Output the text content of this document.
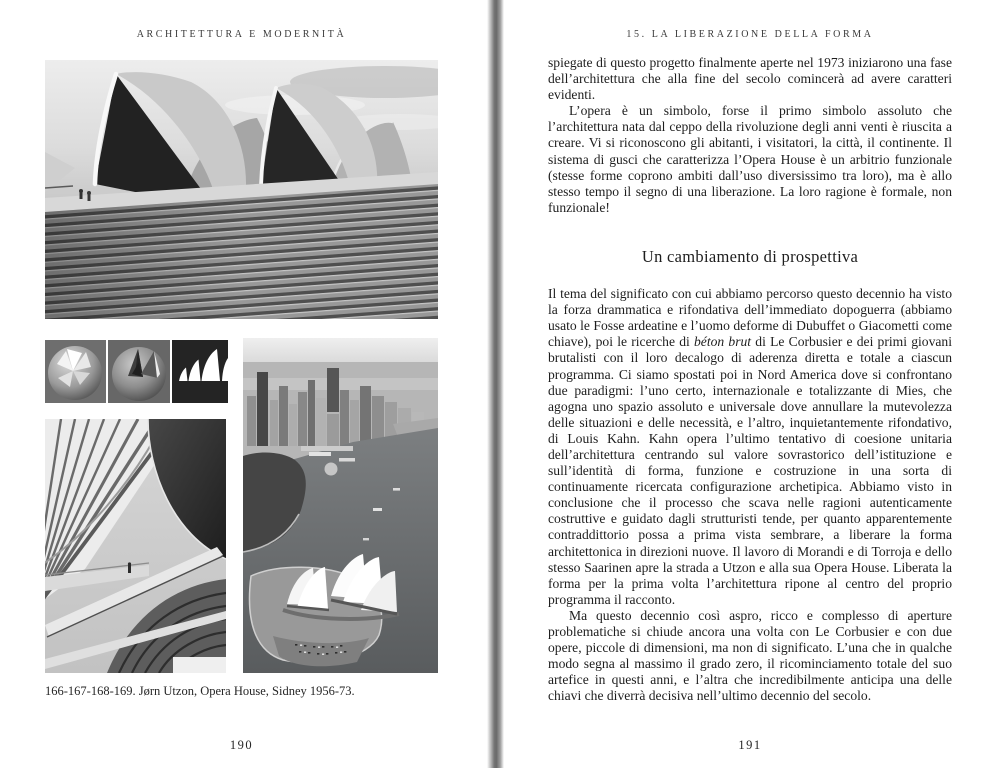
ARCHITETTURA E MODERNITÀ
166-167-168-169. Jørn Utzon, Opera House, Sidney 1956-73.
190
15. LA LIBERAZIONE DELLA FORMA

spiegate di questo progetto finalmente aperte nel 1973 iniziarono una fase dell’architettura che alla fine del secolo comincerà ad avere caratteri evidenti.

L’opera è un simbolo, forse il primo simbolo assoluto che l’architettura nata dal ceppo della rivoluzione degli anni venti è riuscita a creare. Vi si riconoscono gli abitanti, i visitatori, la città, il continente. Il sistema di gusci che caratterizza l’Opera House è un arbitrio funzionale (stesse forme coprono ambiti dall’uso diversissimo tra loro), ma è allo stesso tempo il segno di una liberazione. La loro ragione è formale, non funzionale!

Un cambiamento di prospettiva

Il tema del significato con cui abbiamo percorso questo decennio ha visto la forza drammatica e rifondativa dell’immediato dopoguerra (abbiamo usato le Fosse ardeatine e l’uomo deforme di Dubuffet o Giacometti come chiave), poi le ricerche di béton brut di Le Corbusier e dei primi giovani brutalisti con il loro decalogo di aderenza diretta e totale a ciascun programma. Ci siamo spostati poi in Nord America dove si confrontano due paradigmi: l’uno certo, internazionale e totalizzante di Mies, che agogna uno spazio assoluto e universale dove annullare la mutevolezza delle situazioni e delle necessità, e l’altro, inquietantemente rifondativo, di Louis Kahn. Kahn opera l’ultimo tentativo di coesione unitaria dell’architettura centrando sul valore sovrastorico dell’istituzione e sull’identità di forma, funzione e costruzione in una sorta di continuamente ricercata configurazione archetipica. Abbiamo visto in conclusione che il processo che scava nelle ragioni autenticamente costruttive e guidato dagli strutturisti tende, per quanto apparentemente contraddittorio possa a prima vista sembrare, a liberare la forma architettonica in direzioni nuove. Il lavoro di Morandi e di Torroja e dello stesso Saarinen apre la strada a Utzon e alla sua Opera House. Liberata la forma per la prima volta l’architettura ripone al centro del proprio programma il racconto.

Ma questo decennio così aspro, ricco e complesso di aperture problematiche si chiude ancora una volta con Le Corbusier e con due opere, piccole di dimensioni, ma non di significato. L’una che in qualche modo segna al massimo il grado zero, il ricominciamento totale del suo artefice in questi anni, e l’altra che incredibilmente anticipa una delle chiavi che diverrà decisiva nell’ultimo decennio del secolo.

191
